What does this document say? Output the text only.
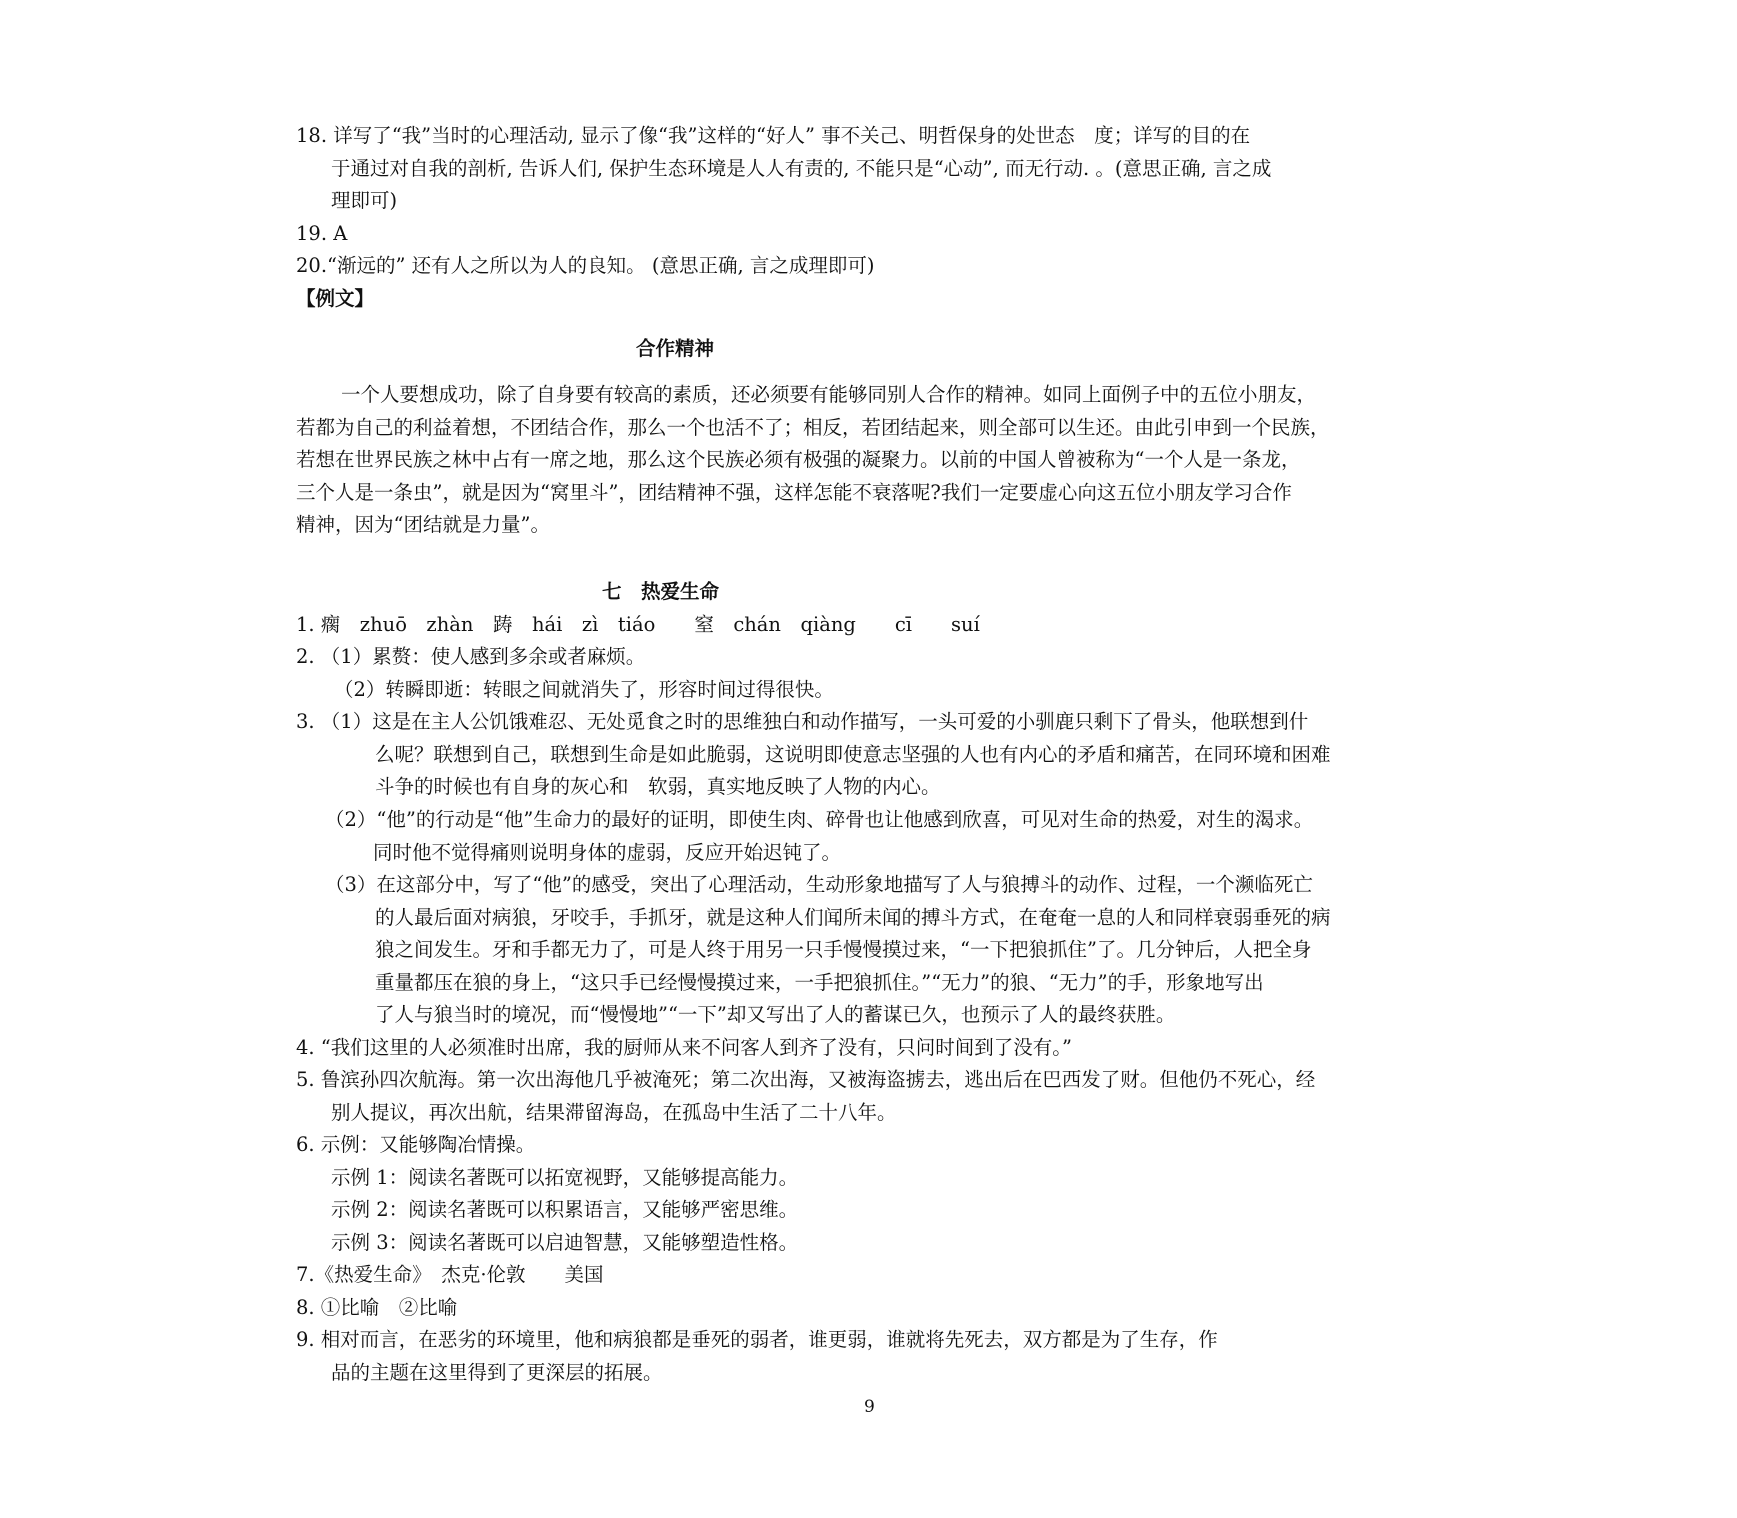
18. 详写了“我”当时的心理活动, 显示了像“我”这样的“好人” 事不关己、明哲保身的处世态　度；详写的目的在
于通过对自我的剖析, 告诉人们, 保护生态环境是人人有责的, 不能只是“心动”, 而无行动. 。(意思正确, 言之成
理即可)
19. A
20.“渐远的” 还有人之所以为人的良知。 (意思正确, 言之成理即可)
【例文】
合作精神
一个人要想成功，除了自身要有较高的素质，还必须要有能够同别人合作的精神。如同上面例子中的五位小朋友，
若都为自己的利益着想，不团结合作，那么一个也活不了；相反，若团结起来，则全部可以生还。由此引申到一个民族，
若想在世界民族之林中占有一席之地，那么这个民族必须有极强的凝聚力。以前的中国人曾被称为“一个人是一条龙，
三个人是一条虫”，就是因为“窝里斗”，团结精神不强，这样怎能不衰落呢?我们一定要虚心向这五位小朋友学习合作
精神，因为“团结就是力量”。
七　热爱生命
1. 瘸　zhuō　zhàn　踌　hái　zì　tiáo　　窒　chán　qiàng　　cī　　suí
2. （1）累赘：使人感到多余或者麻烦。
（2）转瞬即逝：转眼之间就消失了，形容时间过得很快。
3. （1）这是在主人公饥饿难忍、无处觅食之时的思维独白和动作描写，一头可爱的小驯鹿只剩下了骨头，他联想到什
么呢？联想到自己，联想到生命是如此脆弱，这说明即使意志坚强的人也有内心的矛盾和痛苦，在同环境和困难
斗争的时候也有自身的灰心和　软弱，真实地反映了人物的内心。
（2）“他”的行动是“他”生命力的最好的证明，即使生肉、碎骨也让他感到欣喜，可见对生命的热爱，对生的渴求。
同时他不觉得痛则说明身体的虚弱，反应开始迟钝了。
（3）在这部分中，写了“他”的感受，突出了心理活动，生动形象地描写了人与狼搏斗的动作、过程，一个濒临死亡
的人最后面对病狼，牙咬手，手抓牙，就是这种人们闻所未闻的搏斗方式，在奄奄一息的人和同样衰弱垂死的病
狼之间发生。牙和手都无力了，可是人终于用另一只手慢慢摸过来，“一下把狼抓住”了。几分钟后，人把全身
重量都压在狼的身上，“这只手已经慢慢摸过来，一手把狼抓住。”“无力”的狼、“无力”的手，形象地写出
了人与狼当时的境况，而“慢慢地”“一下”却又写出了人的蓄谋已久，也预示了人的最终获胜。
4. “我们这里的人必须准时出席，我的厨师从来不问客人到齐了没有，只问时间到了没有。”
5. 鲁滨孙四次航海。第一次出海他几乎被淹死；第二次出海，又被海盗掳去，逃出后在巴西发了财。但他仍不死心，经
别人提议，再次出航，结果滞留海岛，在孤岛中生活了二十八年。
6. 示例：又能够陶冶情操。
示例 1：阅读名著既可以拓宽视野，又能够提高能力。
示例 2：阅读名著既可以积累语言，又能够严密思维。
示例 3：阅读名著既可以启迪智慧，又能够塑造性格。
7.《热爱生命》　杰克·伦敦　　美国
8. ①比喻　②比喻
9. 相对而言，在恶劣的环境里，他和病狼都是垂死的弱者，谁更弱，谁就将先死去，双方都是为了生存，作
品的主题在这里得到了更深层的拓展。
9
